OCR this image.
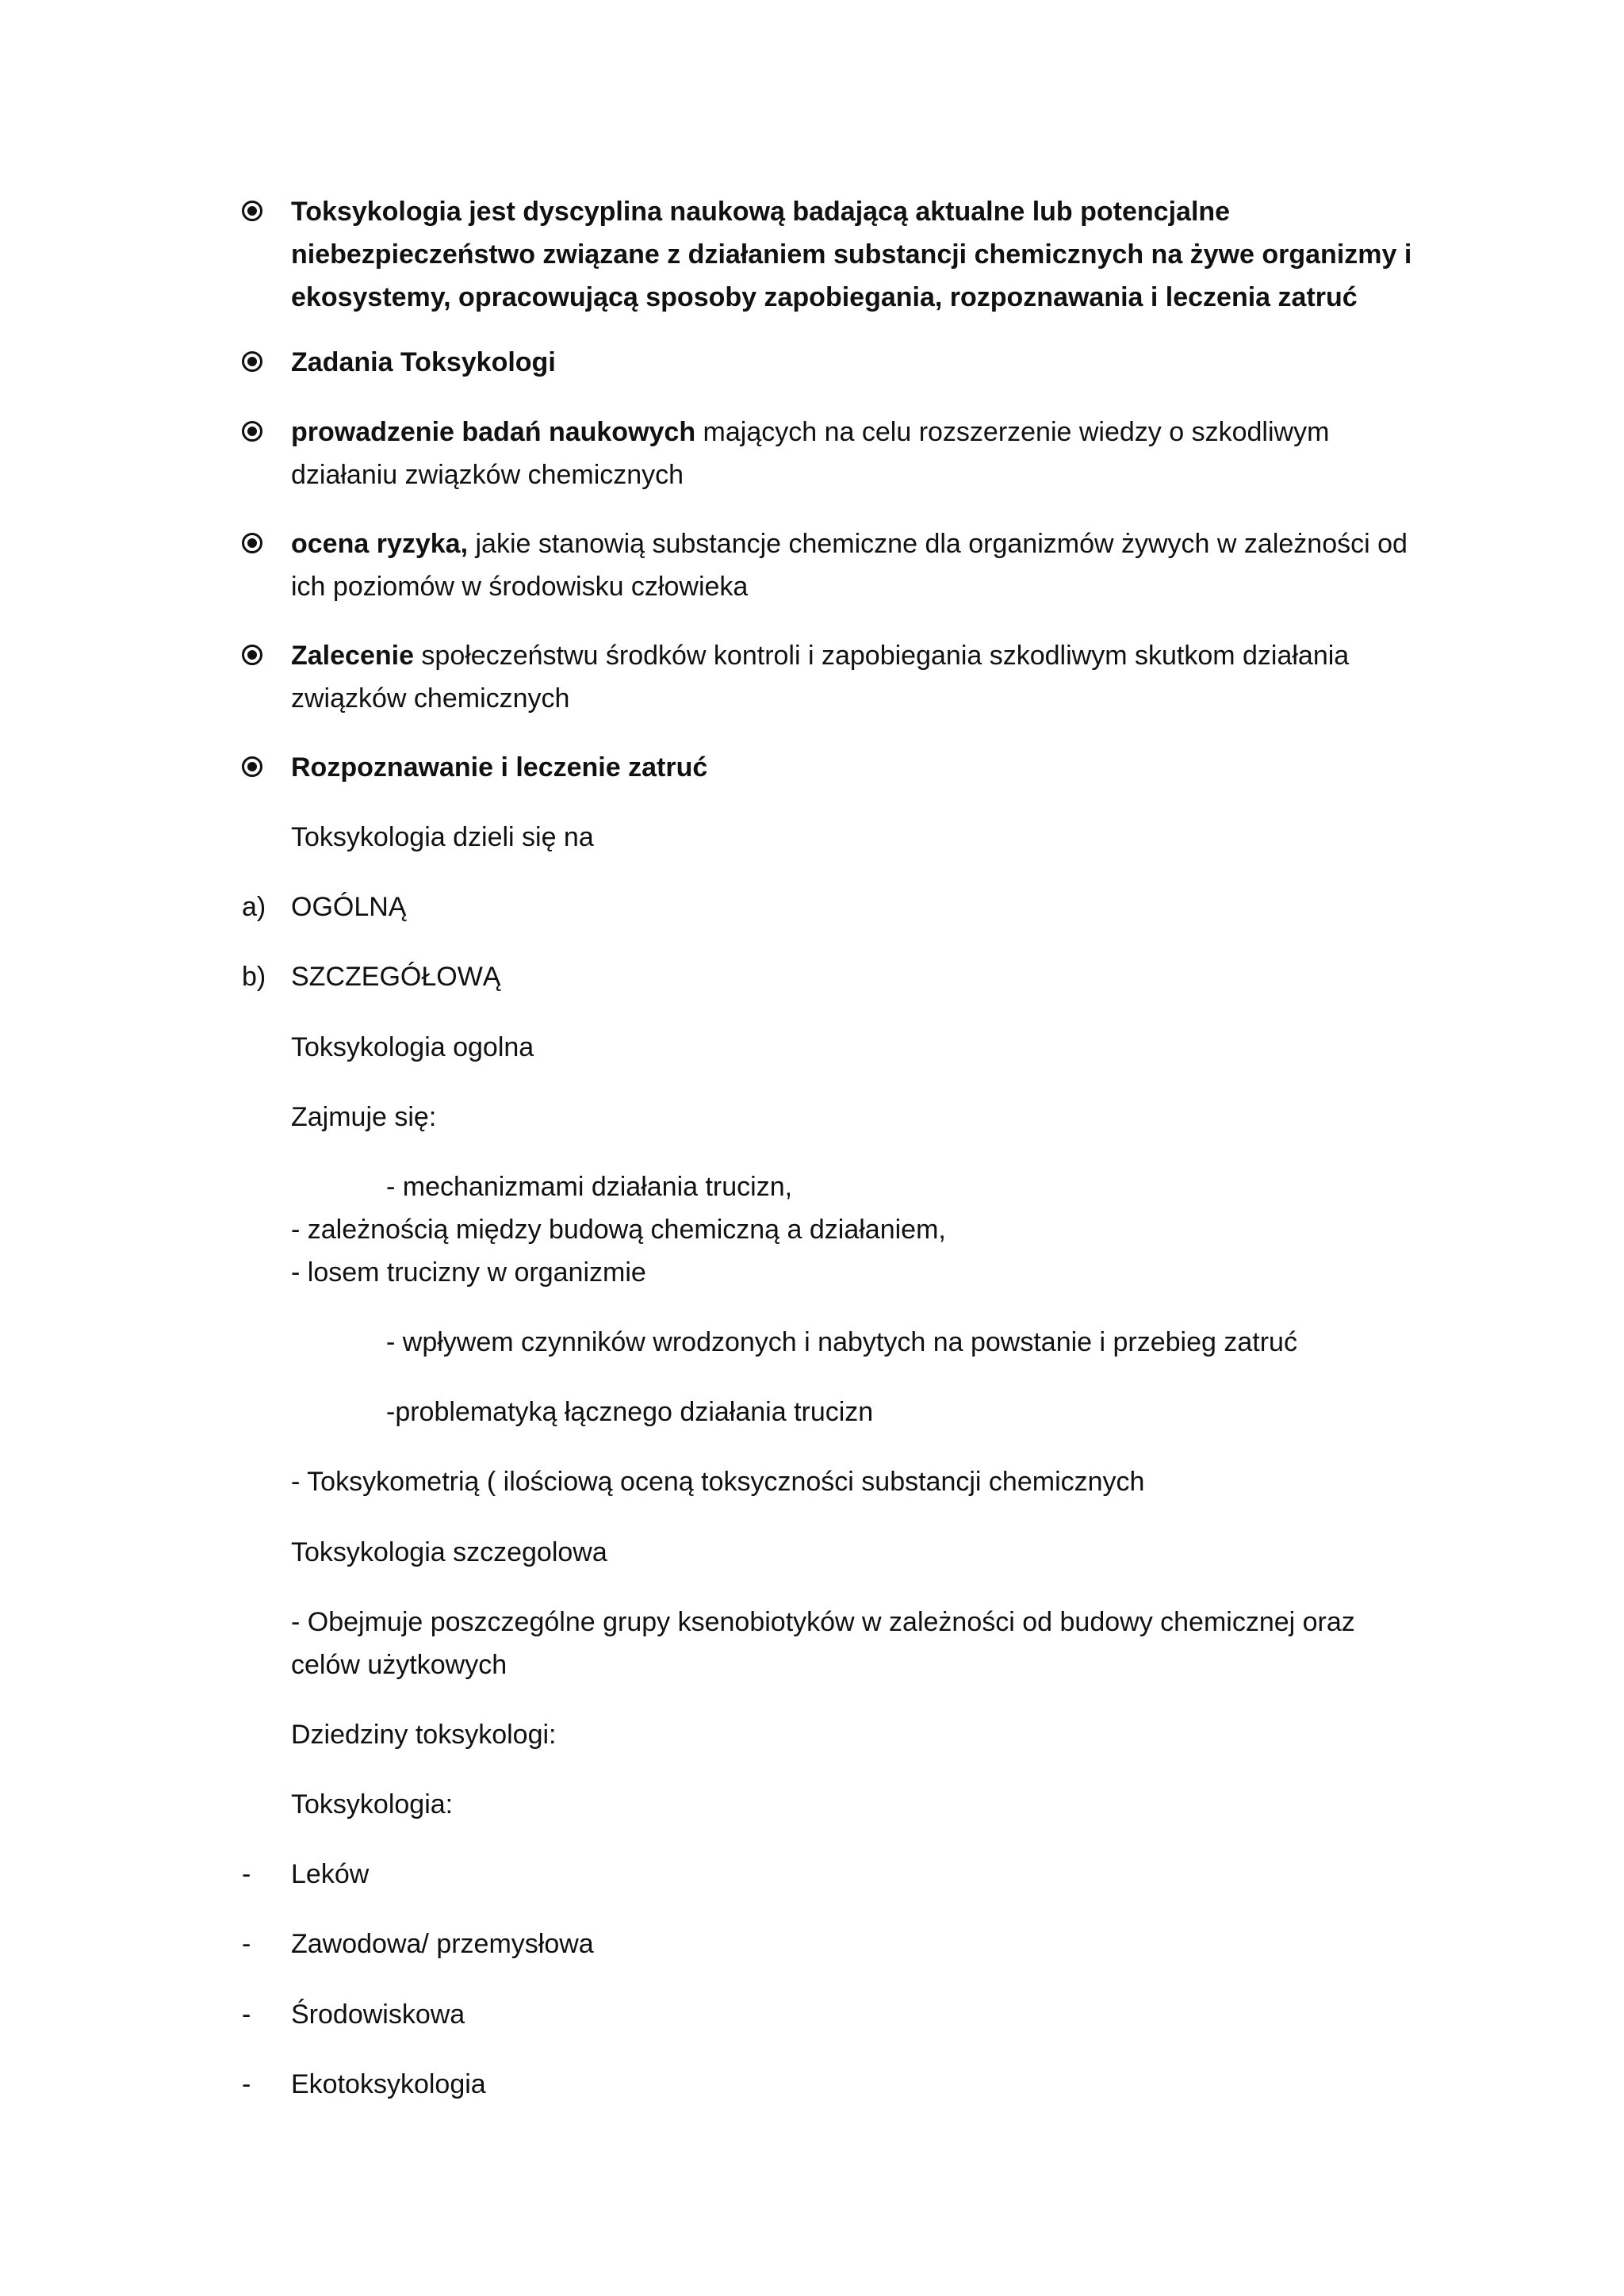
Toksykologia jest dyscyplina naukową badającą aktualne lub potencjalne
niebezpieczeństwo związane z działaniem substancji chemicznych na żywe organizmy i
ekosystemy, opracowującą sposoby zapobiegania, rozpoznawania i leczenia zatruć
Zadania Toksykologi
prowadzenie badań naukowych mających na celu rozszerzenie wiedzy o szkodliwym
działaniu związków chemicznych
ocena ryzyka, jakie stanowią substancje chemiczne dla organizmów żywych w zależności od
ich poziomów w środowisku człowieka
Zalecenie społeczeństwu środków kontroli i zapobiegania szkodliwym skutkom działania
związków chemicznych
Rozpoznawanie i leczenie zatruć
Toksykologia dzieli się na
a) OGÓLNĄ
b) SZCZEGÓŁOWĄ
Toksykologia ogolna
Zajmuje się:
- mechanizmami działania trucizn,
- zależnością między budową chemiczną a działaniem,
- losem trucizny w organizmie
- wpływem czynników wrodzonych i nabytych na powstanie i przebieg zatruć
-problematyką łącznego działania trucizn
- Toksykometrią ( ilościową oceną toksyczności substancji chemicznych
Toksykologia szczegolowa
- Obejmuje poszczególne grupy ksenobiotyków w zależności od budowy chemicznej oraz
celów użytkowych
Dziedziny toksykologi:
Toksykologia:
- Leków
- Zawodowa/ przemysłowa
- Środowiskowa
- Ekotoksykologia
